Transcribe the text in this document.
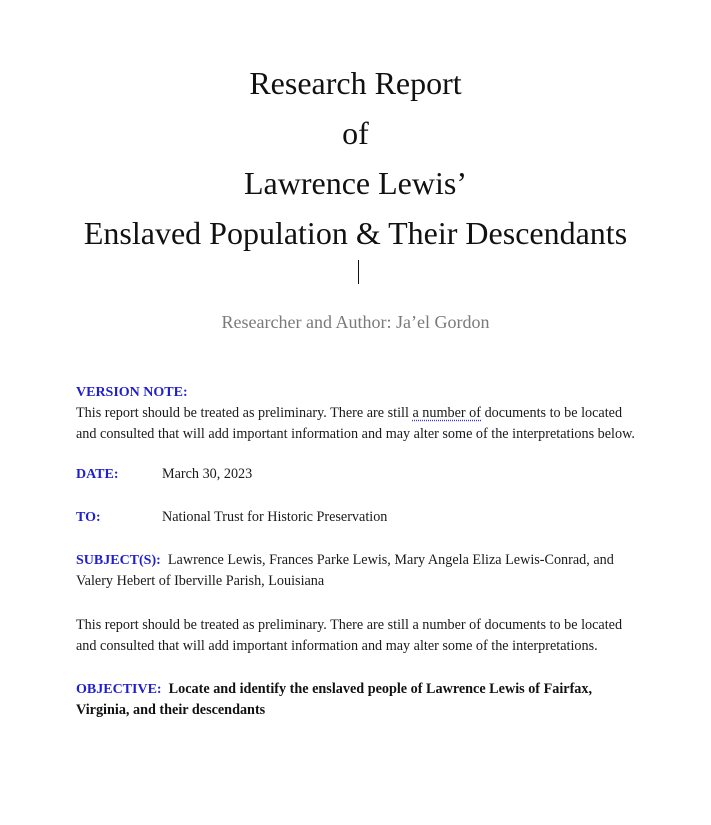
Research Report
of
Lawrence Lewis’
Enslaved Population & Their Descendants
Researcher and Author: Ja’el Gordon
VERSION NOTE:
This report should be treated as preliminary. There are still a number of documents to be located and consulted that will add important information and may alter some of the interpretations below.
DATE:	March 30, 2023
TO:	National Trust for Historic Preservation
SUBJECT(S): Lawrence Lewis, Frances Parke Lewis, Mary Angela Eliza Lewis-Conrad, and Valery Hebert of Iberville Parish, Louisiana
This report should be treated as preliminary. There are still a number of documents to be located and consulted that will add important information and may alter some of the interpretations.
OBJECTIVE: Locate and identify the enslaved people of Lawrence Lewis of Fairfax, Virginia, and their descendants
